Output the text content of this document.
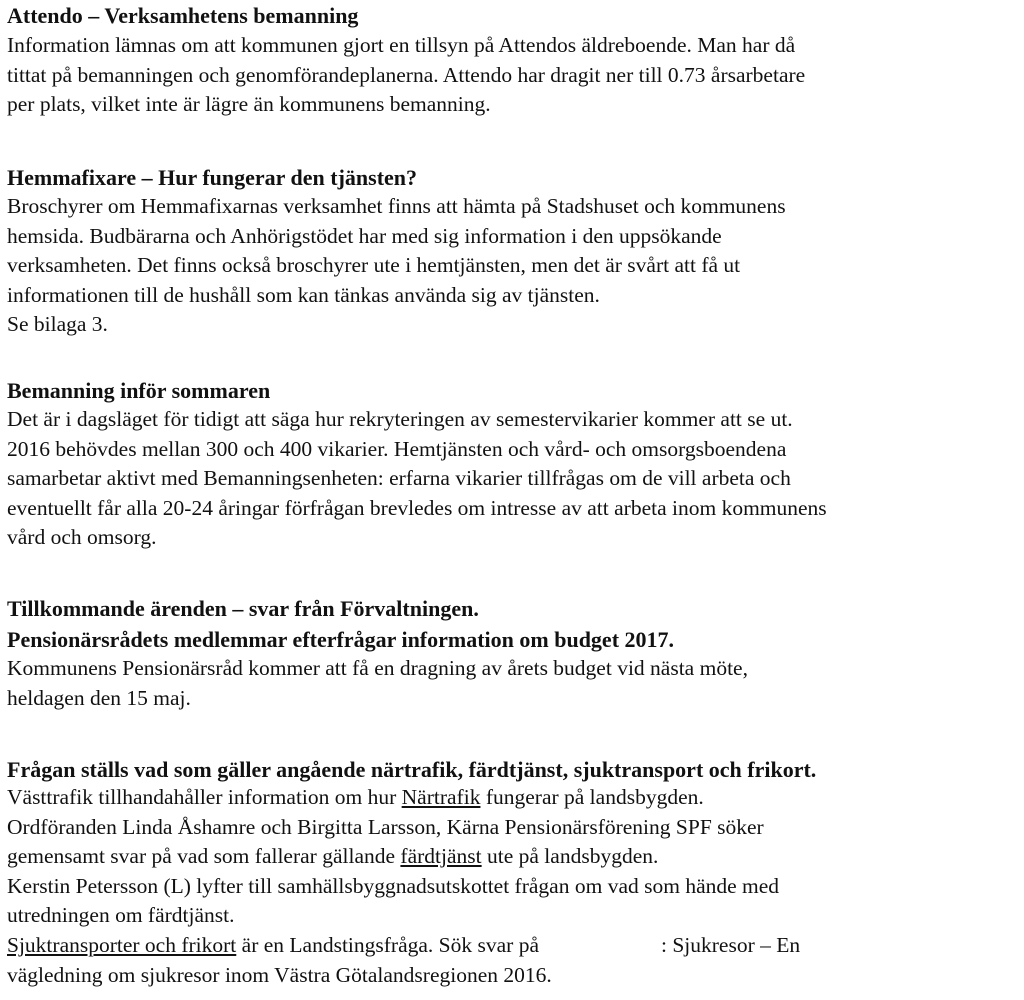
Attendo – Verksamhetens bemanning

Information lämnas om att kommunen gjort en tillsyn på Attendos äldreboende. Man har då
tittat på bemanningen och genomförandeplanerna. Attendo har dragit ner till 0.73 årsarbetare
per plats, vilket inte är lägre än kommunens bemanning.

Hemmafixare – Hur fungerar den tjänsten?

Broschyrer om Hemmafixarnas verksamhet finns att hämta på Stadshuset och kommunens
hemsida. Budbärarna och Anhörigstödet har med sig information i den uppsökande
verksamheten. Det finns också broschyrer ute i hemtjänsten, men det är svårt att få ut
informationen till de hushåll som kan tänkas använda sig av tjänsten.
Se bilaga 3.

Bemanning inför sommaren

Det är i dagsläget för tidigt att säga hur rekryteringen av semestervikarier kommer att se ut.
2016 behövdes mellan 300 och 400 vikarier. Hemtjänsten och vård- och omsorgsboendena
samarbetar aktivt med Bemanningsenheten: erfarna vikarier tillfrågas om de vill arbeta och
eventuellt får alla 20-24 åringar förfrågan brevledes om intresse av att arbeta inom kommunens
vård och omsorg.

Tillkommande ärenden – svar från Förvaltningen.

Pensionärsrådets medlemmar efterfrågar information om budget 2017.

Kommunens Pensionärsråd kommer att få en dragning av årets budget vid nästa möte,
heldagen den 15 maj.

Frågan ställs vad som gäller angående närtrafik, färdtjänst, sjuktransport och frikort.

Västtrafik tillhandahåller information om hur Närtrafik fungerar på landsbygden.
Ordföranden Linda Åshamre och Birgitta Larsson, Kärna Pensionärsförening SPF söker
gemensamt svar på vad som fallerar gällande färdtjänst ute på landsbygden.
Kerstin Petersson (L) lyfter till samhällsbyggnadsutskottet frågan om vad som hände med
utredningen om färdtjänst.
Sjuktransporter och frikort är en Landstingsfråga. Sök svar på	: Sjukresor – En
vägledning om sjukresor inom Västra Götalandsregionen 2016.
